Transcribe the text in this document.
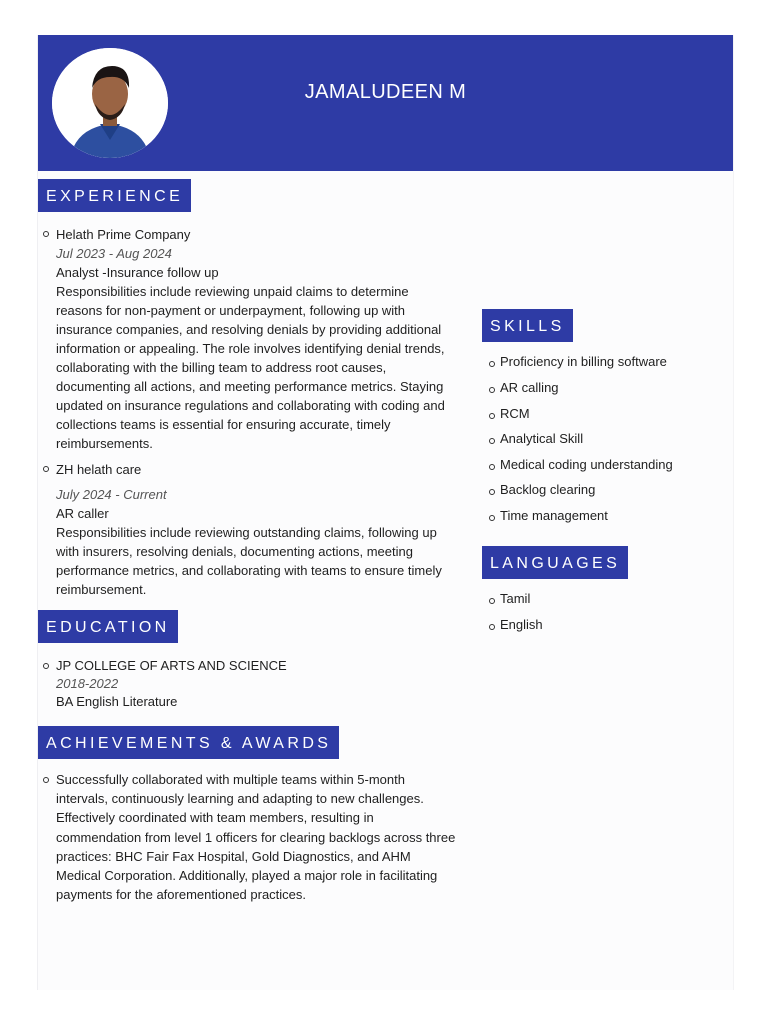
JAMALUDEEN M
EXPERIENCE
Helath Prime Company
Jul 2023 - Aug 2024
Analyst -Insurance follow up
Responsibilities include reviewing unpaid claims to determine reasons for non-payment or underpayment, following up with insurance companies, and resolving denials by providing additional information or appealing. The role involves identifying denial trends, collaborating with the billing team to address root causes, documenting all actions, and meeting performance metrics. Staying updated on insurance regulations and collaborating with coding and collections teams is essential for ensuring accurate, timely reimbursements.
ZH helath care
July 2024 - Current
AR caller
Responsibilities include reviewing outstanding claims, following up with insurers, resolving denials, documenting actions, meeting performance metrics, and collaborating with teams to ensure timely reimbursement.
EDUCATION
JP COLLEGE OF ARTS AND SCIENCE
2018-2022
BA English Literature
ACHIEVEMENTS & AWARDS
Successfully collaborated with multiple teams within 5-month intervals, continuously learning and adapting to new challenges. Effectively coordinated with team members, resulting in commendation from level 1 officers for clearing backlogs across three practices: BHC Fair Fax Hospital, Gold Diagnostics, and AHM Medical Corporation. Additionally, played a major role in facilitating payments for the aforementioned practices.
SKILLS
Proficiency in billing software
AR calling
RCM
Analytical Skill
Medical coding understanding
Backlog clearing
Time management
LANGUAGES
Tamil
English
